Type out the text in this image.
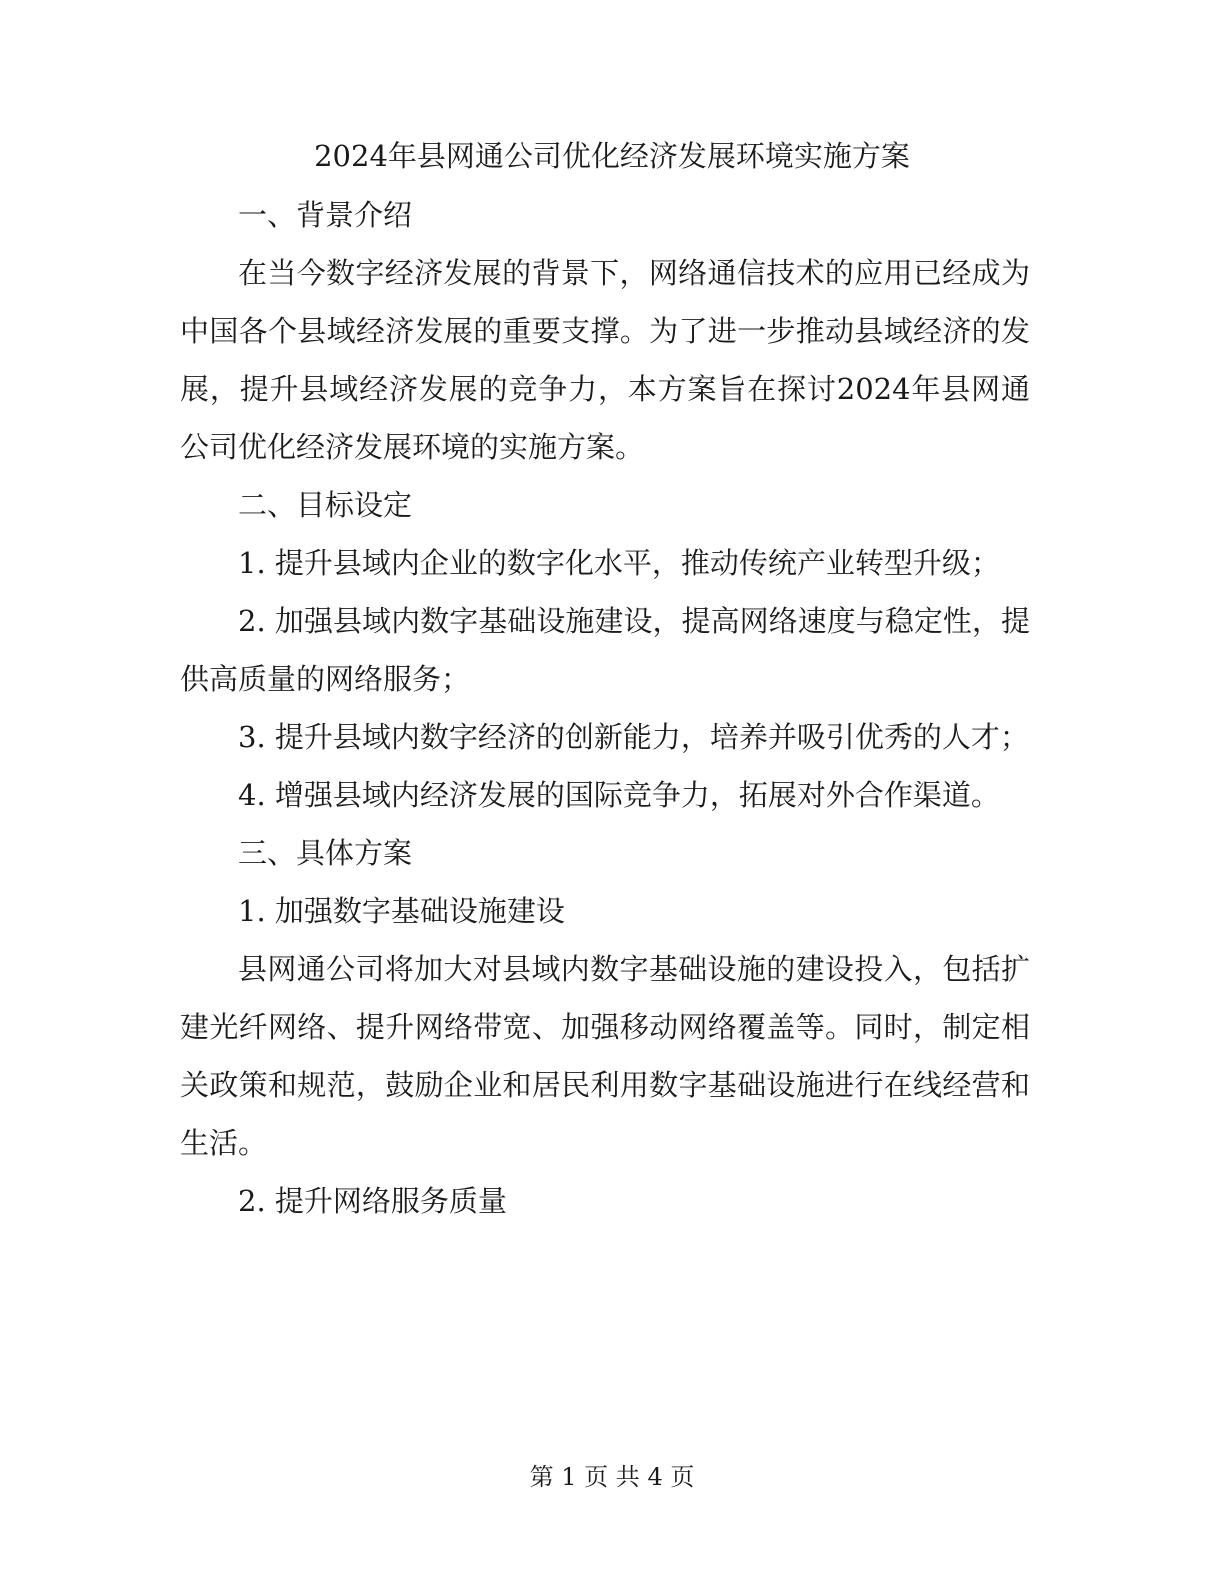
2024年县网通公司优化经济发展环境实施方案

一、背景介绍

在当今数字经济发展的背景下，网络通信技术的应用已经成为中国各个县域经济发展的重要支撑。为了进一步推动县域经济的发展，提升县域经济发展的竞争力，本方案旨在探讨2024年县网通公司优化经济发展环境的实施方案。

二、目标设定

1. 提升县域内企业的数字化水平，推动传统产业转型升级；

2. 加强县域内数字基础设施建设，提高网络速度与稳定性，提供高质量的网络服务；

3. 提升县域内数字经济的创新能力，培养并吸引优秀的人才；

4. 增强县域内经济发展的国际竞争力，拓展对外合作渠道。

三、具体方案

1. 加强数字基础设施建设

县网通公司将加大对县域内数字基础设施的建设投入，包括扩建光纤网络、提升网络带宽、加强移动网络覆盖等。同时，制定相关政策和规范，鼓励企业和居民利用数字基础设施进行在线经营和生活。

2. 提升网络服务质量

第 1 页 共 4 页
